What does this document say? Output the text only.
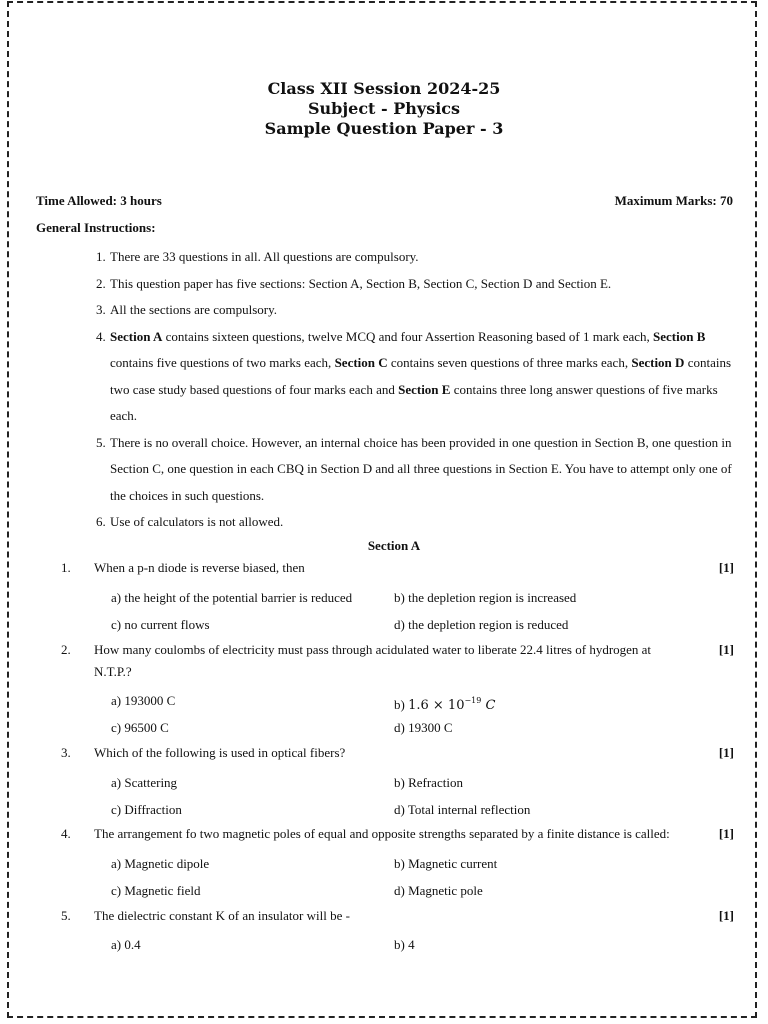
Class XII Session 2024-25
Subject - Physics
Sample Question Paper - 3
Time Allowed: 3 hours	Maximum Marks: 70
General Instructions:
1. There are 33 questions in all. All questions are compulsory.
2. This question paper has five sections: Section A, Section B, Section C, Section D and Section E.
3. All the sections are compulsory.
4. Section A contains sixteen questions, twelve MCQ and four Assertion Reasoning based of 1 mark each, Section B contains five questions of two marks each, Section C contains seven questions of three marks each, Section D contains two case study based questions of four marks each and Section E contains three long answer questions of five marks each.
5. There is no overall choice. However, an internal choice has been provided in one question in Section B, one question in Section C, one question in each CBQ in Section D and all three questions in Section E. You have to attempt only one of the choices in such questions.
6. Use of calculators is not allowed.
Section A
1. When a p-n diode is reverse biased, then	[1]
a) the height of the potential barrier is reduced	b) the depletion region is increased
c) no current flows	d) the depletion region is reduced
2. How many coulombs of electricity must pass through acidulated water to liberate 22.4 litres of hydrogen at N.T.P.?
[1]
a) 193000 C	b) $1.6 \times 10^{-19}$ C
c) 96500 C	d) 19300 C
3. Which of the following is used in optical fibers?	[1]
a) Scattering	b) Refraction
c) Diffraction	d) Total internal reflection
4. The arrangement fo two magnetic poles of equal and opposite strengths separated by a finite distance is called:	[1]
a) Magnetic dipole	b) Magnetic current
c) Magnetic field	d) Magnetic pole
5. The dielectric constant K of an insulator will be -	[1]
a) 0.4	b) 4
